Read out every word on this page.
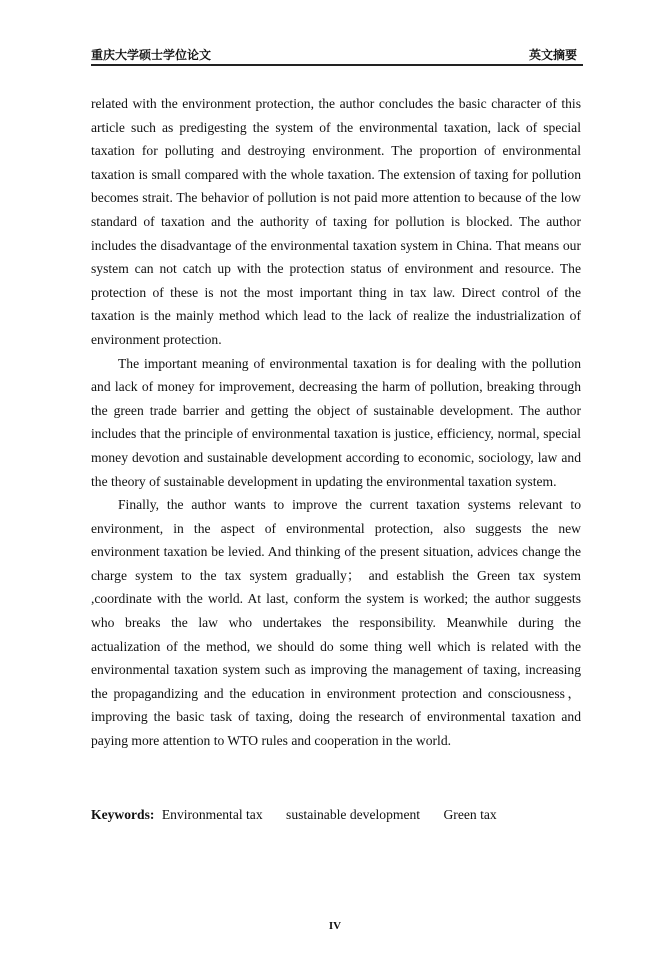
重庆大学硕士学位论文	英文摘要

related with the environment protection, the author concludes the basic character of this article such as predigesting the system of the environmental taxation, lack of special taxation for polluting and destroying environment. The proportion of environmental taxation is small compared with the whole taxation. The extension of taxing for pollution becomes strait. The behavior of pollution is not paid more attention to because of the low standard of taxation and the authority of taxing for pollution is blocked. The author includes the disadvantage of the environmental taxation system in China. That means our system can not catch up with the protection status of environment and resource. The protection of these is not the most important thing in tax law. Direct control of the taxation is the mainly method which lead to the lack of realize the industrialization of environment protection.

The important meaning of environmental taxation is for dealing with the pollution and lack of money for improvement, decreasing the harm of pollution, breaking through the green trade barrier and getting the object of sustainable development. The author includes that the principle of environmental taxation is justice, efficiency, normal, special money devotion and sustainable development according to economic, sociology, law and the theory of sustainable development in updating the environmental taxation system.

Finally, the author wants to improve the current taxation systems relevant to environment, in the aspect of environmental protection, also suggests the new environment taxation be levied. And thinking of the present situation, advices change the charge system to the tax system gradually； and establish the Green tax system ,coordinate with the world. At last, conform the system is worked; the author suggests who breaks the law who undertakes the responsibility. Meanwhile during the actualization of the method, we should do some thing well which is related with the environmental taxation system such as improving the management of taxing, increasing the propagandizing and the education in environment protection and consciousness，improving the basic task of taxing, doing the research of environmental taxation and paying more attention to WTO rules and cooperation in the world.

Keywords: Environmental tax sustainable development Green tax
IV
